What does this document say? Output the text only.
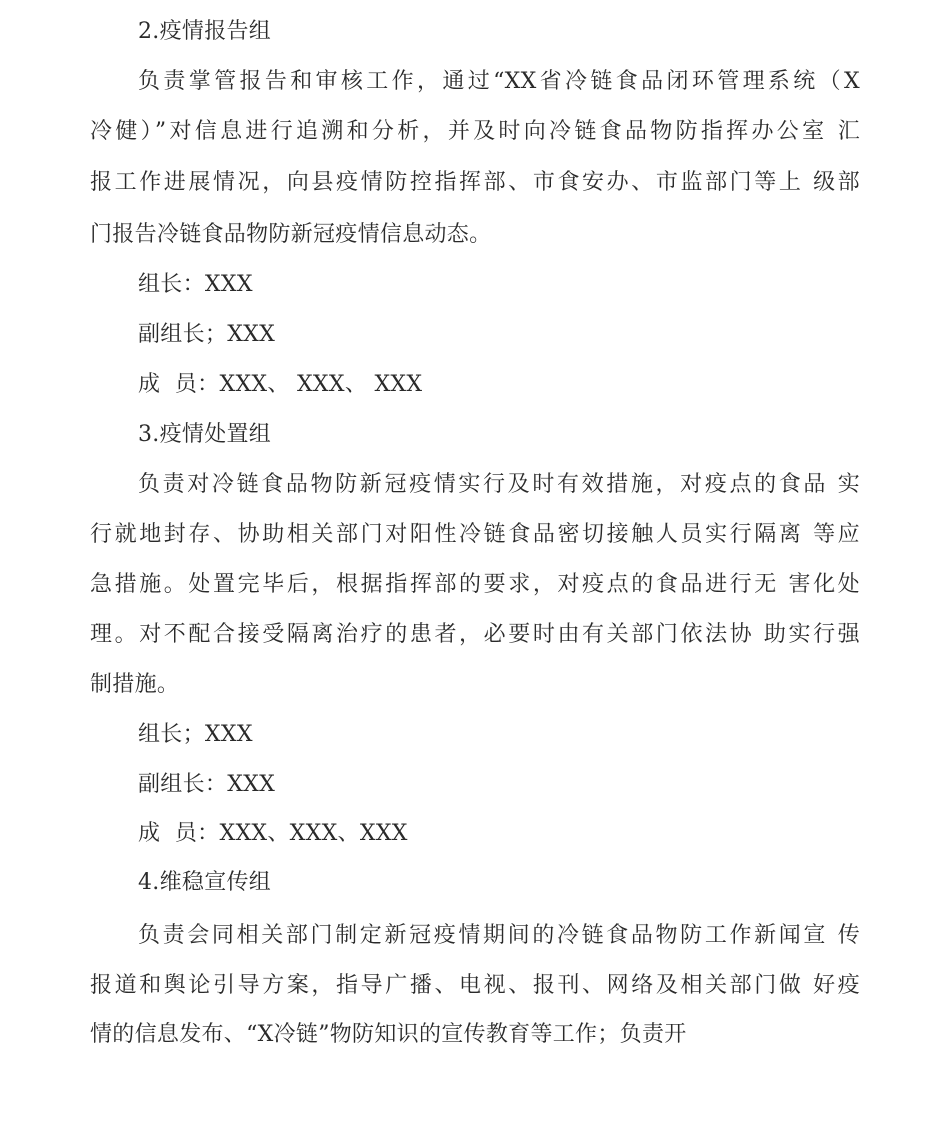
2.疫情报告组
负责掌管报告和审核工作，通过“XX省冷链食品闭环管理系统（X
冷健）”对信息进行追溯和分析，并及时向冷链食品物防指挥办公室 汇
报工作进展情况，向县疫情防控指挥部、市食安办、市监部门等上 级部
门报告冷链食品物防新冠疫情信息动态。
组长：XXX
副组长；XXX
成  员：XXX、 XXX、 XXX
3.疫情处置组
负责对冷链食品物防新冠疫情实行及时有效措施，对疫点的食品 实
行就地封存、协助相关部门对阳性冷链食品密切接触人员实行隔离 等应
急措施。处置完毕后，根据指挥部的要求，对疫点的食品进行无 害化处
理。对不配合接受隔离治疗的患者，必要时由有关部门依法协 助实行强
制措施。
组长；XXX
副组长：XXX
成  员：XXX、XXX、XXX
4.维稳宣传组
负责会同相关部门制定新冠疫情期间的冷链食品物防工作新闻宣 传
报道和舆论引导方案，指导广播、电视、报刊、网络及相关部门做 好疫
情的信息发布、“X冷链”物防知识的宣传教育等工作；负责开
